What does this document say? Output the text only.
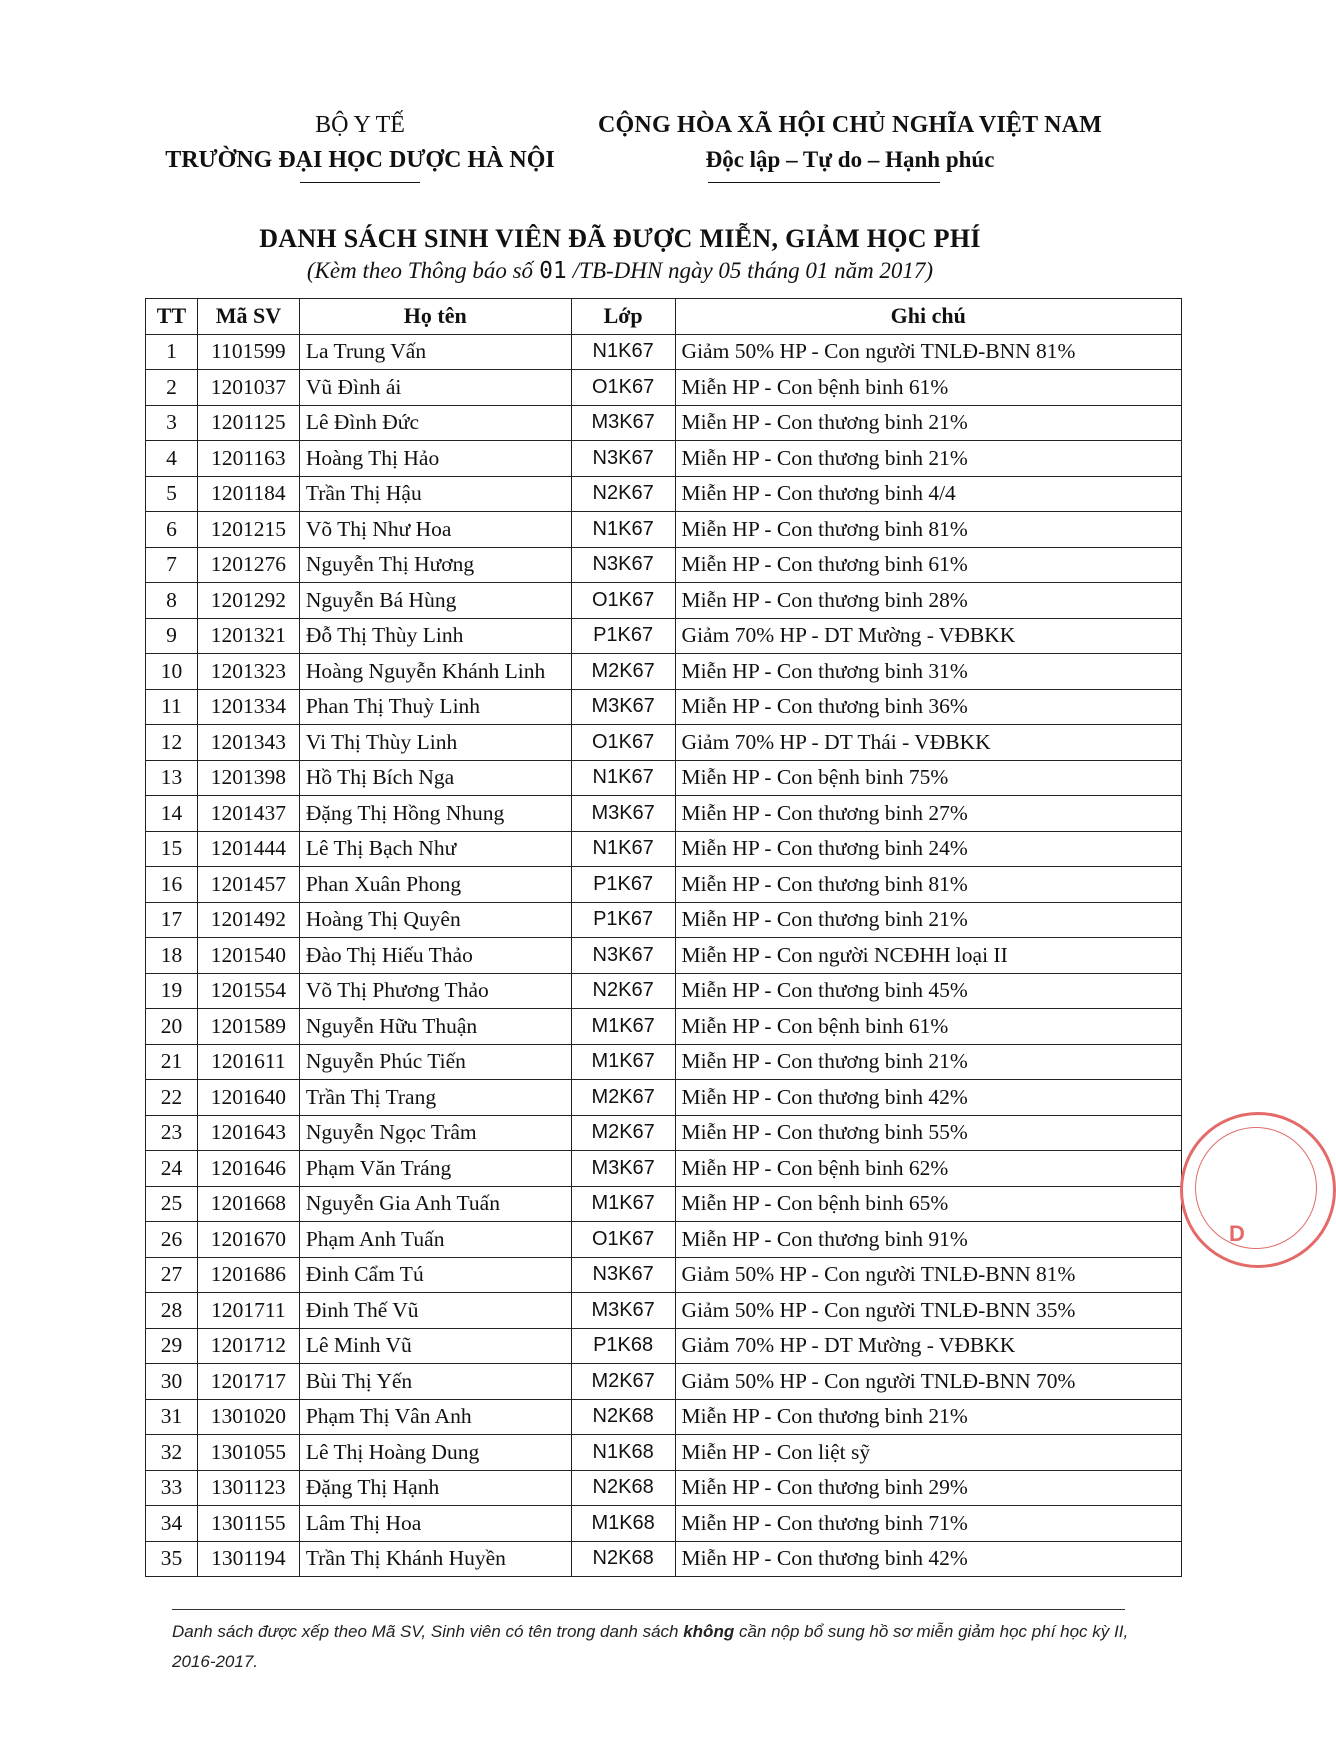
BỘ Y TẾ
TRƯỜNG ĐẠI HỌC DƯỢC HÀ NỘI
CỘNG HÒA XÃ HỘI CHỦ NGHĨA VIỆT NAM
Độc lập – Tự do – Hạnh phúc
DANH SÁCH SINH VIÊN ĐÃ ĐƯỢC MIỄN, GIẢM HỌC PHÍ
(Kèm theo Thông báo số 01 /TB-DHN ngày 05 tháng 01 năm 2017)
TT	Mã SV	Họ tên	Lớp	Ghi chú
1	1101599	La Trung Vấn	N1K67	Giảm 50% HP - Con người TNLĐ-BNN 81%
2	1201037	Vũ Đình ái	O1K67	Miễn HP - Con bệnh binh 61%
3	1201125	Lê Đình Đức	M3K67	Miễn HP - Con thương binh 21%
4	1201163	Hoàng Thị Hảo	N3K67	Miễn HP - Con thương binh 21%
5	1201184	Trần Thị Hậu	N2K67	Miễn HP - Con thương binh 4/4
6	1201215	Võ Thị Như Hoa	N1K67	Miễn HP - Con thương binh 81%
7	1201276	Nguyễn Thị Hương	N3K67	Miễn HP - Con thương binh 61%
8	1201292	Nguyễn Bá Hùng	O1K67	Miễn HP - Con thương binh 28%
9	1201321	Đỗ Thị Thùy Linh	P1K67	Giảm 70% HP - DT Mường - VĐBKK
10	1201323	Hoàng Nguyễn Khánh Linh	M2K67	Miễn HP - Con thương binh 31%
11	1201334	Phan Thị Thuỳ Linh	M3K67	Miễn HP - Con thương binh 36%
12	1201343	Vi Thị Thùy Linh	O1K67	Giảm 70% HP - DT Thái - VĐBKK
13	1201398	Hồ Thị Bích Nga	N1K67	Miễn HP - Con bệnh binh 75%
14	1201437	Đặng Thị Hồng Nhung	M3K67	Miễn HP - Con thương binh 27%
15	1201444	Lê Thị Bạch Như	N1K67	Miễn HP - Con thương binh 24%
16	1201457	Phan Xuân Phong	P1K67	Miễn HP - Con thương binh 81%
17	1201492	Hoàng Thị Quyên	P1K67	Miễn HP - Con thương binh 21%
18	1201540	Đào Thị Hiếu Thảo	N3K67	Miễn HP - Con người NCĐHH loại II
19	1201554	Võ Thị Phương Thảo	N2K67	Miễn HP - Con thương binh 45%
20	1201589	Nguyễn Hữu Thuận	M1K67	Miễn HP - Con bệnh binh 61%
21	1201611	Nguyễn Phúc Tiến	M1K67	Miễn HP - Con thương binh 21%
22	1201640	Trần Thị Trang	M2K67	Miễn HP - Con thương binh 42%
23	1201643	Nguyễn Ngọc Trâm	M2K67	Miễn HP - Con thương binh 55%
24	1201646	Phạm Văn Tráng	M3K67	Miễn HP - Con bệnh binh 62%
25	1201668	Nguyễn Gia Anh Tuấn	M1K67	Miễn HP - Con bệnh binh 65%
26	1201670	Phạm Anh Tuấn	O1K67	Miễn HP - Con thương binh 91%
27	1201686	Đinh Cẩm Tú	N3K67	Giảm 50% HP - Con người TNLĐ-BNN 81%
28	1201711	Đinh Thế Vũ	M3K67	Giảm 50% HP - Con người TNLĐ-BNN 35%
29	1201712	Lê Minh Vũ	P1K68	Giảm 70% HP - DT Mường - VĐBKK
30	1201717	Bùi Thị Yến	M2K67	Giảm 50% HP - Con người TNLĐ-BNN 70%
31	1301020	Phạm Thị Vân Anh	N2K68	Miễn HP - Con thương binh 21%
32	1301055	Lê Thị Hoàng Dung	N1K68	Miễn HP - Con liệt sỹ
33	1301123	Đặng Thị Hạnh	N2K68	Miễn HP - Con thương binh 29%
34	1301155	Lâm Thị Hoa	M1K68	Miễn HP - Con thương binh 71%
35	1301194	Trần Thị Khánh Huyền	N2K68	Miễn HP - Con thương binh 42%
Danh sách được xếp theo Mã SV, Sinh viên có tên trong danh sách không cần nộp bổ sung hồ sơ miễn giảm học phí học kỳ II, 2016-2017.
D
